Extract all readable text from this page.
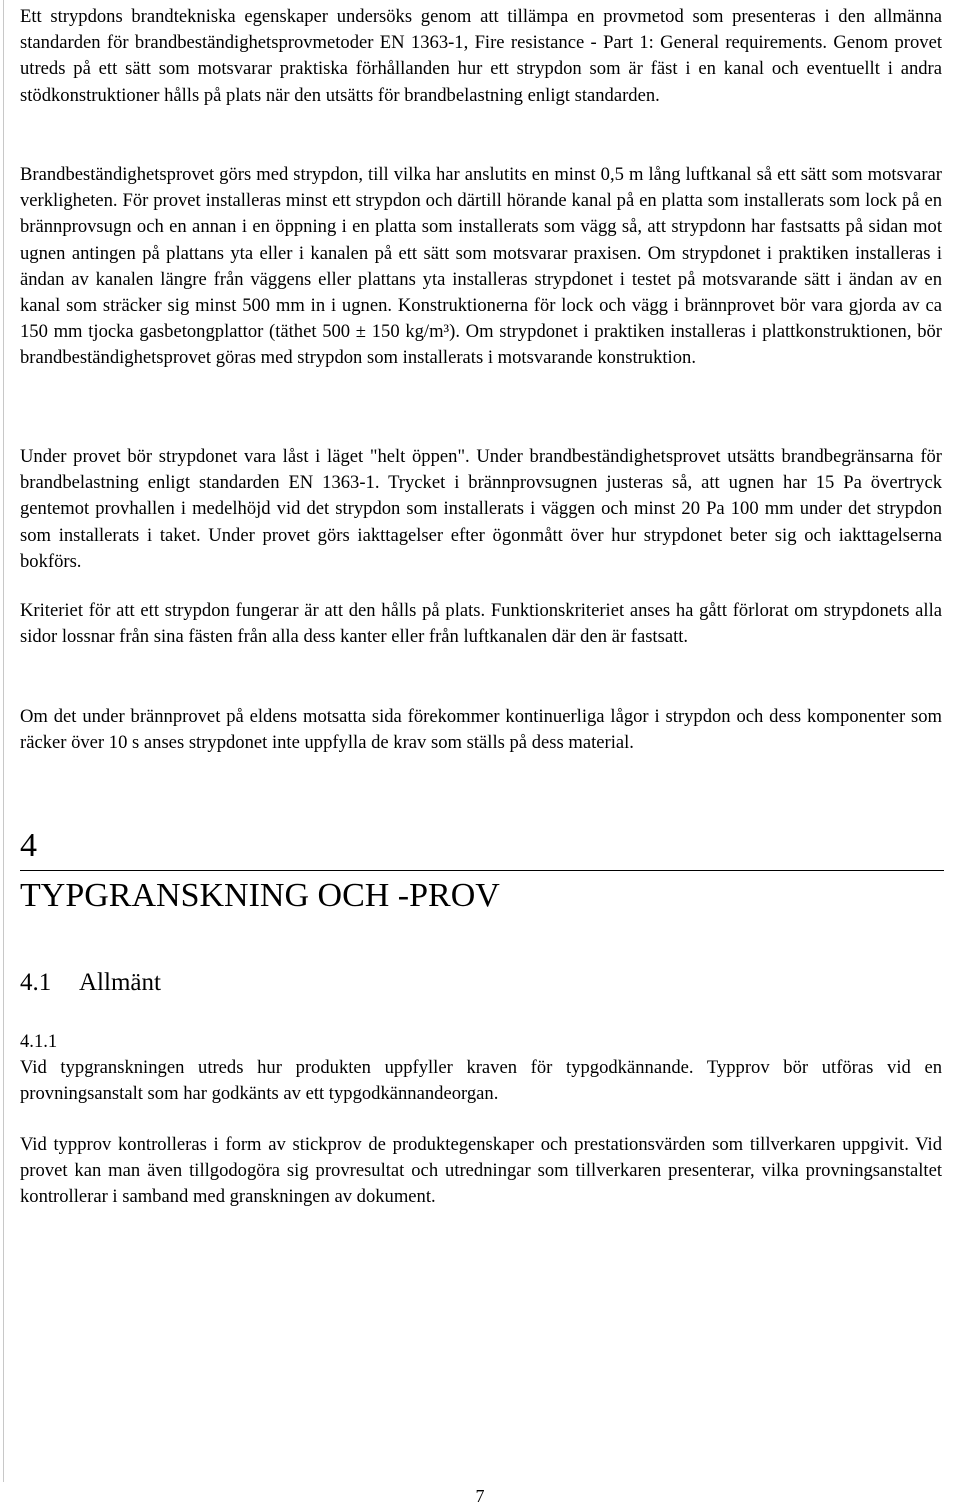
Ett strypdons brandtekniska egenskaper undersöks genom att tillämpa en provmetod som presenteras i den allmänna standarden för brandbeständighetsprovmetoder EN 1363-1, Fire resistance - Part 1: General requirements. Genom provet utreds på ett sätt som motsvarar praktiska förhållanden hur ett strypdon som är fäst i en kanal och eventuellt i andra stödkonstruktioner hålls på plats när den utsätts för brandbelastning enligt standarden.

Brandbeständighetsprovet görs med strypdon, till vilka har anslutits en minst 0,5 m lång luftkanal så ett sätt som motsvarar verkligheten. För provet installeras minst ett strypdon och därtill hörande kanal på en platta som installerats som lock på en brännprovsugn och en annan i en öppning i en platta som installerats som vägg så, att strypdonn har fastsatts på sidan mot ugnen antingen på plattans yta eller i kanalen på ett sätt som motsvarar praxisen. Om strypdonet i praktiken installeras i ändan av kanalen längre från väggens eller plattans yta installeras strypdonet i testet på motsvarande sätt i ändan av en kanal som sträcker sig minst 500 mm in i ugnen. Konstruktionerna för lock och vägg i brännprovet bör vara gjorda av ca 150 mm tjocka gasbetongplattor (täthet 500 ± 150 kg/m³). Om strypdonet i praktiken installeras i plattkonstruktionen, bör brandbeständighetsprovet göras med strypdon som installerats i motsvarande konstruktion.

Under provet bör strypdonet vara låst i läget "helt öppen". Under brandbeständighetsprovet utsätts brandbegränsarna för brandbelastning enligt standarden EN 1363-1. Trycket i brännprovsugnen justeras så, att ugnen har 15 Pa övertryck gentemot provhallen i medelhöjd vid det strypdon som installerats i väggen och minst 20 Pa 100 mm under det strypdon som installerats i taket. Under provet görs iakttagelser efter ögonmått över hur strypdonet beter sig och iakttagelserna bokförs.

Kriteriet för att ett strypdon fungerar är att den hålls på plats. Funktionskriteriet anses ha gått förlorat om strypdonets alla sidor lossnar från sina fästen från alla dess kanter eller från luftkanalen där den är fastsatt.

Om det under brännprovet på eldens motsatta sida förekommer kontinuerliga lågor i strypdon och dess komponenter som räcker över 10 s anses strypdonet inte uppfylla de krav som ställs på dess material.

4
TYPGRANSKNING OCH -PROV
4.1 Allmänt

4.1.1

Vid typgranskningen utreds hur produkten uppfyller kraven för typgodkännande. Typprov bör utföras vid en provningsanstalt som har godkänts av ett typgodkännandeorgan.

Vid typprov kontrolleras i form av stickprov de produktegenskaper och prestationsvärden som tillverkaren uppgivit. Vid provet kan man även tillgodogöra sig provresultat och utredningar som tillverkaren presenterar, vilka provningsanstaltet kontrollerar i samband med granskningen av dokument.

7
